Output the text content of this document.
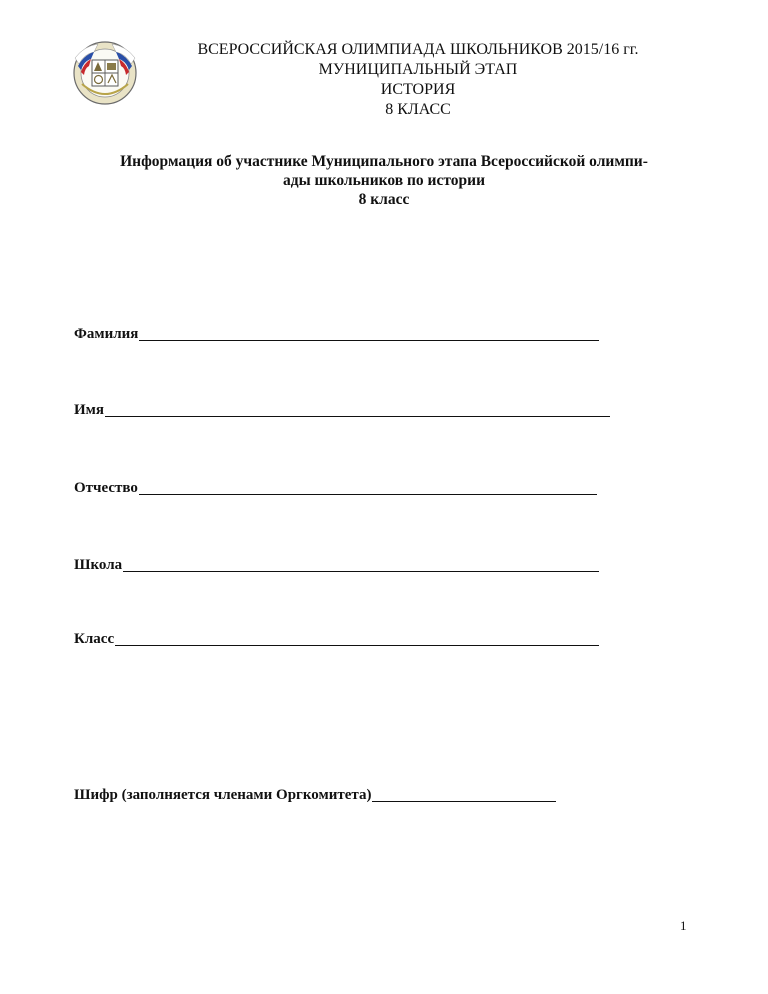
ВСЕРОССИЙСКАЯ ОЛИМПИАДА ШКОЛЬНИКОВ 2015/16 гг.
МУНИЦИПАЛЬНЫЙ ЭТАП
ИСТОРИЯ
8 КЛАСС
Информация об участнике Муниципального этапа Всероссийской олимпи-
ады школьников по истории
8 класс
Фамилия
Имя
Отчество
Школа
Класс
Шифр (заполняется членами Оргкомитета)
1
